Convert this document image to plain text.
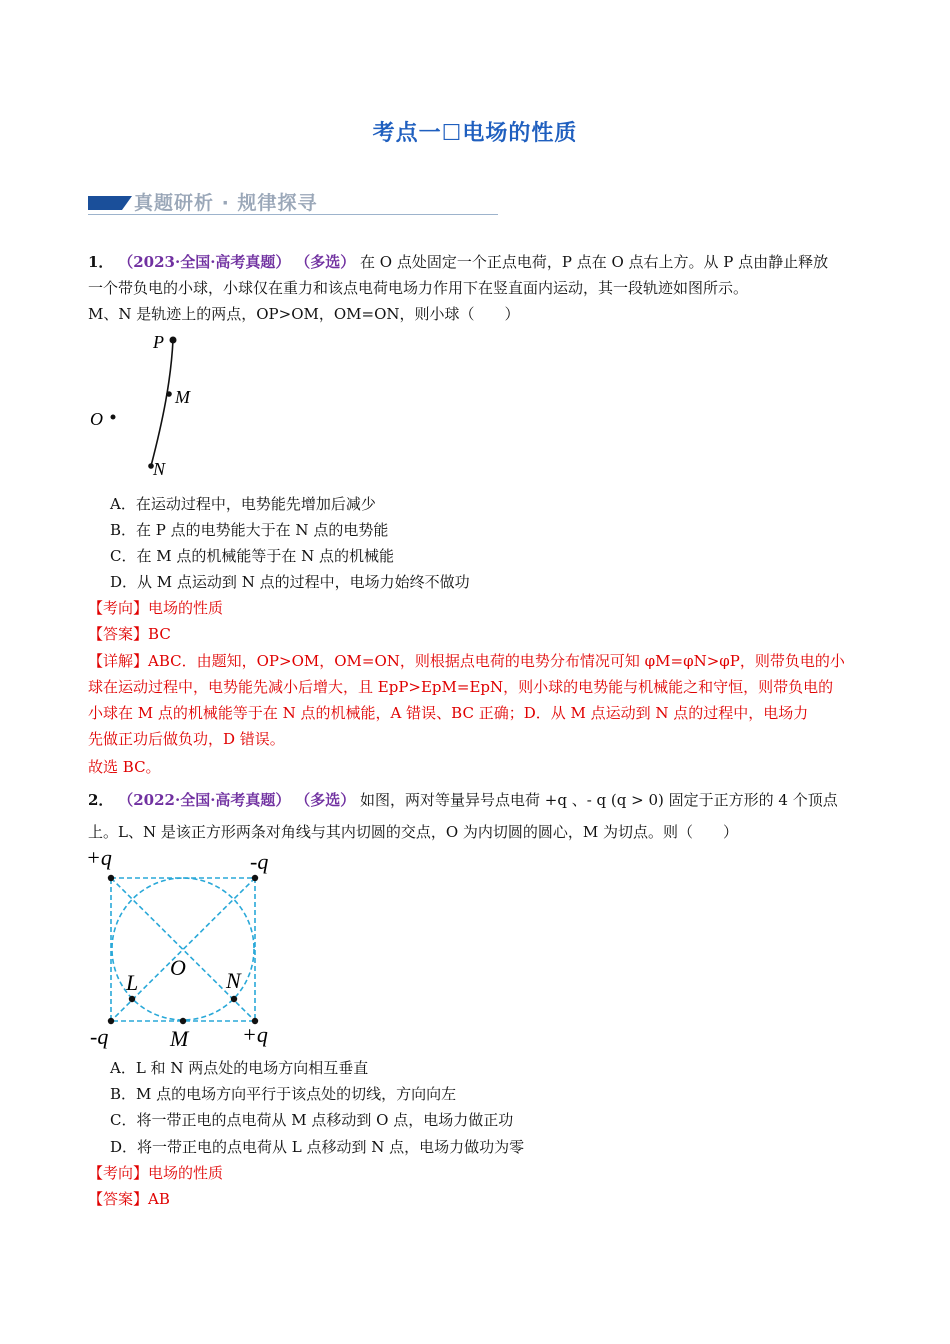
考点一☐电场的性质
真题研析 · 规律探寻
1． （2023·全国·高考真题） （多选） 在 O 点处固定一个正点电荷，P 点在 O 点右上方。从 P 点由静止释放
一个带负电的小球，小球仅在重力和该点电荷电场力作用下在竖直面内运动，其一段轨迹如图所示。
M、N 是轨迹上的两点，OP>OM，OM=ON，则小球（　　）
P
M
O
N
A．在运动过程中，电势能先增加后减少
B．在 P 点的电势能大于在 N 点的电势能
C．在 M 点的机械能等于在 N 点的机械能
D．从 M 点运动到 N 点的过程中，电场力始终不做功
【考向】电场的性质
【答案】BC
【详解】ABC．由题知，OP>OM，OM=ON，则根据点电荷的电势分布情况可知 φM=φN>φP，则带负电的小
球在运动过程中，电势能先减小后增大，且 EpP>EpM=EpN，则小球的电势能与机械能之和守恒，则带负电的
小球在 M 点的机械能等于在 N 点的机械能，A 错误、BC 正确；D．从 M 点运动到 N 点的过程中，电场力
先做正功后做负功，D 错误。
故选 BC。
2． （2022·全国·高考真题） （多选） 如图，两对等量异号点电荷 +q 、- q (q > 0) 固定于正方形的 4 个顶点
上。L、N 是该正方形两条对角线与其内切圆的交点，O 为内切圆的圆心，M 为切点。则（　　）
+q	-q
-q	+q
O
L	N
M
A．L 和 N 两点处的电场方向相互垂直
B．M 点的电场方向平行于该点处的切线，方向向左
C．将一带正电的点电荷从 M 点移动到 O 点，电场力做正功
D．将一带正电的点电荷从 L 点移动到 N 点，电场力做功为零
【考向】电场的性质
【答案】AB
